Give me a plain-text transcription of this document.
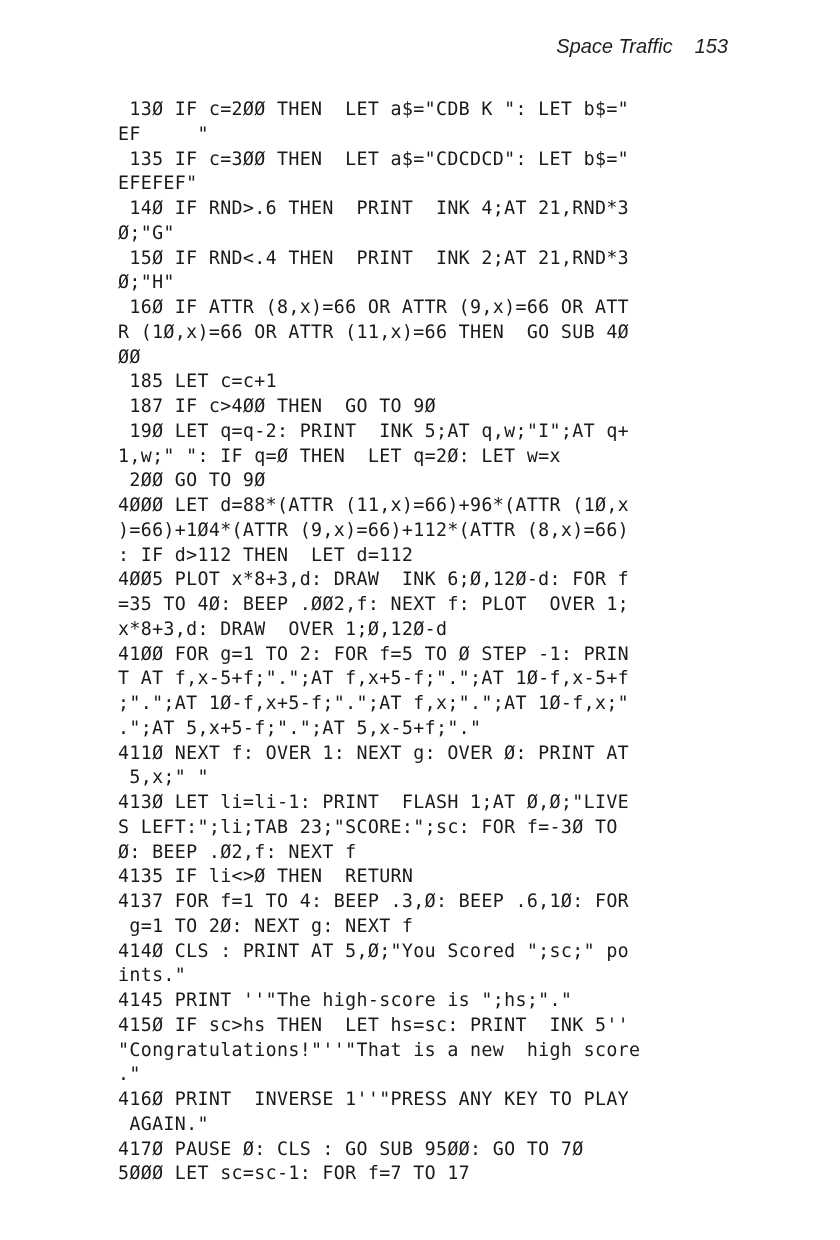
Space Traffic 153
13Ø IF c=2ØØ THEN  LET a$="CDB K ": LET b$="
EF     "
135 IF c=3ØØ THEN  LET a$="CDCDCD": LET b$="
EFEFEF"
14Ø IF RND>.6 THEN  PRINT  INK 4;AT 21,RND*3
Ø;"G"
15Ø IF RND<.4 THEN  PRINT  INK 2;AT 21,RND*3
Ø;"H"
16Ø IF ATTR (8,x)=66 OR ATTR (9,x)=66 OR ATT
R (1Ø,x)=66 OR ATTR (11,x)=66 THEN  GO SUB 4Ø
ØØ
185 LET c=c+1
187 IF c>4ØØ THEN  GO TO 9Ø
19Ø LET q=q-2: PRINT  INK 5;AT q,w;"I";AT q+
1,w;" ": IF q=Ø THEN  LET q=2Ø: LET w=x
2ØØ GO TO 9Ø
4ØØØ LET d=88*(ATTR (11,x)=66)+96*(ATTR (1Ø,x
)=66)+1Ø4*(ATTR (9,x)=66)+112*(ATTR (8,x)=66)
: IF d>112 THEN  LET d=112
4ØØ5 PLOT x*8+3,d: DRAW  INK 6;Ø,12Ø-d: FOR f
=35 TO 4Ø: BEEP .ØØ2,f: NEXT f: PLOT  OVER 1;
x*8+3,d: DRAW  OVER 1;Ø,12Ø-d
41ØØ FOR g=1 TO 2: FOR f=5 TO Ø STEP -1: PRIN
T AT f,x-5+f;".";AT f,x+5-f;".";AT 1Ø-f,x-5+f
;".";AT 1Ø-f,x+5-f;".";AT f,x;".";AT 1Ø-f,x;"
.";AT 5,x+5-f;".";AT 5,x-5+f;"."
411Ø NEXT f: OVER 1: NEXT g: OVER Ø: PRINT AT
5,x;" "
413Ø LET li=li-1: PRINT  FLASH 1;AT Ø,Ø;"LIVE
S LEFT:";li;TAB 23;"SCORE:";sc: FOR f=-3Ø TO
Ø: BEEP .Ø2,f: NEXT f
4135 IF li<>Ø THEN  RETURN
4137 FOR f=1 TO 4: BEEP .3,Ø: BEEP .6,1Ø: FOR
g=1 TO 2Ø: NEXT g: NEXT f
414Ø CLS : PRINT AT 5,Ø;"You Scored ";sc;" po
ints."
4145 PRINT ''"The high-score is ";hs;"."
415Ø IF sc>hs THEN  LET hs=sc: PRINT  INK 5''
"Congratulations!"''"That is a new  high score
."
416Ø PRINT  INVERSE 1''"PRESS ANY KEY TO PLAY
AGAIN."
417Ø PAUSE Ø: CLS : GO SUB 95ØØ: GO TO 7Ø
5ØØØ LET sc=sc-1: FOR f=7 TO 17
